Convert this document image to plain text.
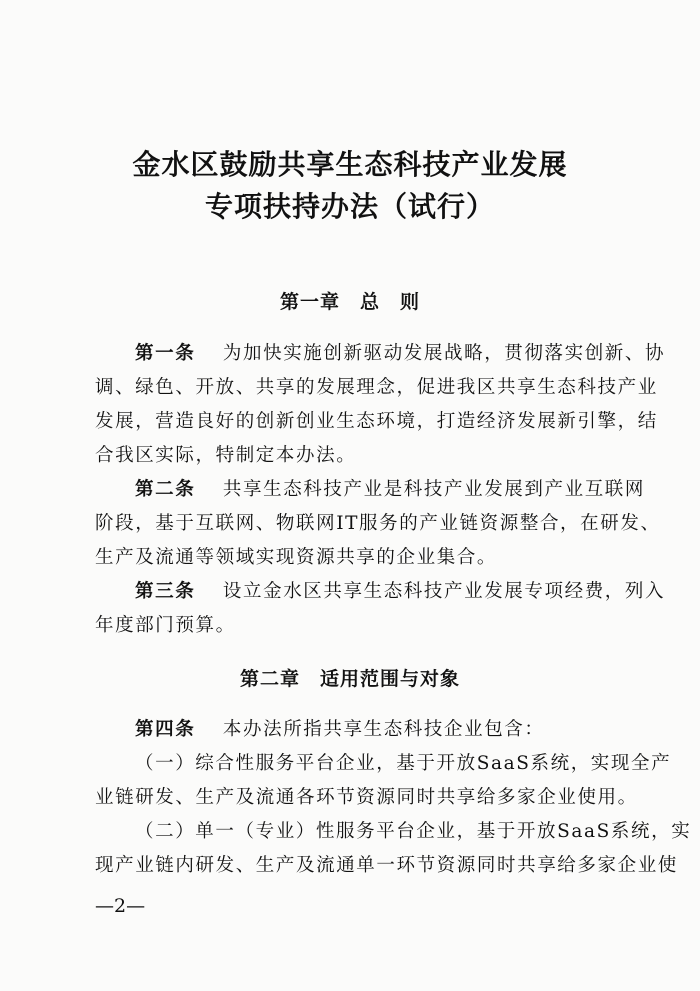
金水区鼓励共享生态科技产业发展
专项扶持办法（试行）
第一章　总　则
第一条　 为加快实施创新驱动发展战略，贯彻落实创新、协
调、绿色、开放、共享的发展理念，促进我区共享生态科技产业
发展，营造良好的创新创业生态环境，打造经济发展新引擎，结
合我区实际，特制定本办法。
第二条　 共享生态科技产业是科技产业发展到产业互联网
阶段，基于互联网、物联网IT服务的产业链资源整合，在研发、
生产及流通等领域实现资源共享的企业集合。
第三条　 设立金水区共享生态科技产业发展专项经费，列入
年度部门预算。
第二章　适用范围与对象
第四条　 本办法所指共享生态科技企业包含：
（一）综合性服务平台企业，基于开放SaaS系统，实现全产
业链研发、生产及流通各环节资源同时共享给多家企业使用。
（二）单一（专业）性服务平台企业，基于开放SaaS系统，实
现产业链内研发、生产及流通单一环节资源同时共享给多家企业使
—2—
